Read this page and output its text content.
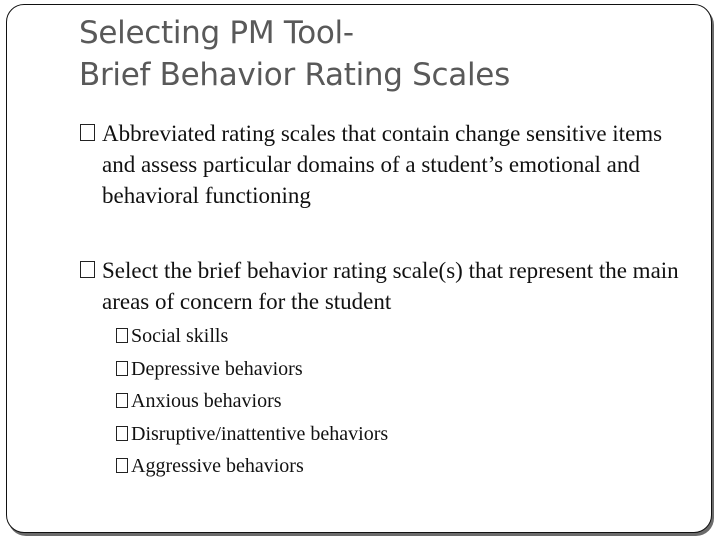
Selecting PM Tool-
Brief Behavior Rating Scales
Abbreviated rating scales that contain change sensitive items and assess particular domains of a student’s emotional and behavioral functioning
Select the brief behavior rating scale(s) that represent the main areas of concern for the student
Social skills
Depressive behaviors
Anxious behaviors
Disruptive/inattentive behaviors
Aggressive behaviors
